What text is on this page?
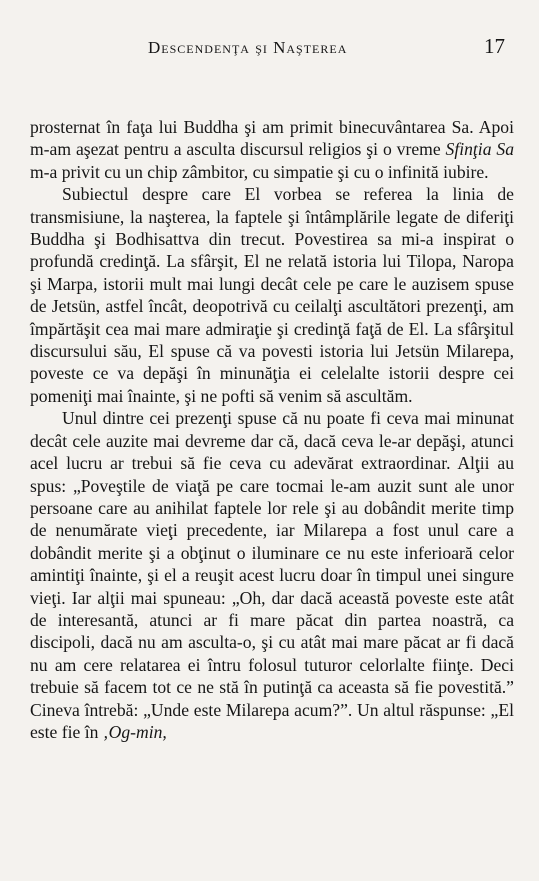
Descendenţa şi Naşterea	17

prosternat în faţa lui Buddha şi am primit binecuvântarea Sa. Apoi m-am aşezat pentru a asculta discursul religios şi o vreme Sfinţia Sa m-a privit cu un chip zâmbitor, cu simpatie şi cu o infinită iubire.

Subiectul despre care El vorbea se referea la linia de transmisiune, la naşterea, la faptele şi întâmplările legate de diferiţi Buddha şi Bodhisattva din trecut. Povestirea sa mi-a inspirat o profundă credinţă. La sfârşit, El ne relată istoria lui Tilopa, Naropa şi Marpa, istorii mult mai lungi decât cele pe care le auzisem spuse de Jetsün, astfel încât, deopotrivă cu ceilalţi ascultători prezenţi, am împărtăşit cea mai mare admiraţie şi credinţă faţă de El. La sfârşitul discursului său, El spuse că va povesti istoria lui Jetsün Milarepa, poveste ce va depăşi în minunăţia ei celelalte istorii despre cei pomeniţi mai înainte, şi ne pofti să venim să ascultăm.

Unul dintre cei prezenţi spuse că nu poate fi ceva mai minunat decât cele auzite mai devreme dar că, dacă ceva le-ar depăşi, atunci acel lucru ar trebui să fie ceva cu adevărat extraordinar. Alţii au spus: „Poveştile de viaţă pe care tocmai le-am auzit sunt ale unor persoane care au anihilat faptele lor rele şi au dobândit merite timp de nenumărate vieţi precedente, iar Milarepa a fost unul care a dobândit merite şi a obţinut o iluminare ce nu este inferioară celor amintiţi înainte, şi el a reuşit acest lucru doar în timpul unei singure vieţi. Iar alţii mai spuneau: „Oh, dar dacă această poveste este atât de interesantă, atunci ar fi mare păcat din partea noastră, ca discipoli, dacă nu am asculta-o, şi cu atât mai mare păcat ar fi dacă nu am cere relatarea ei întru folosul tuturor celorlalte fiinţe. Deci trebuie să facem tot ce ne stă în putinţă ca aceasta să fie povestită.” Cineva întrebă: „Unde este Milarepa acum?”. Un altul răspunse: „El este fie în ‚Og-min,
